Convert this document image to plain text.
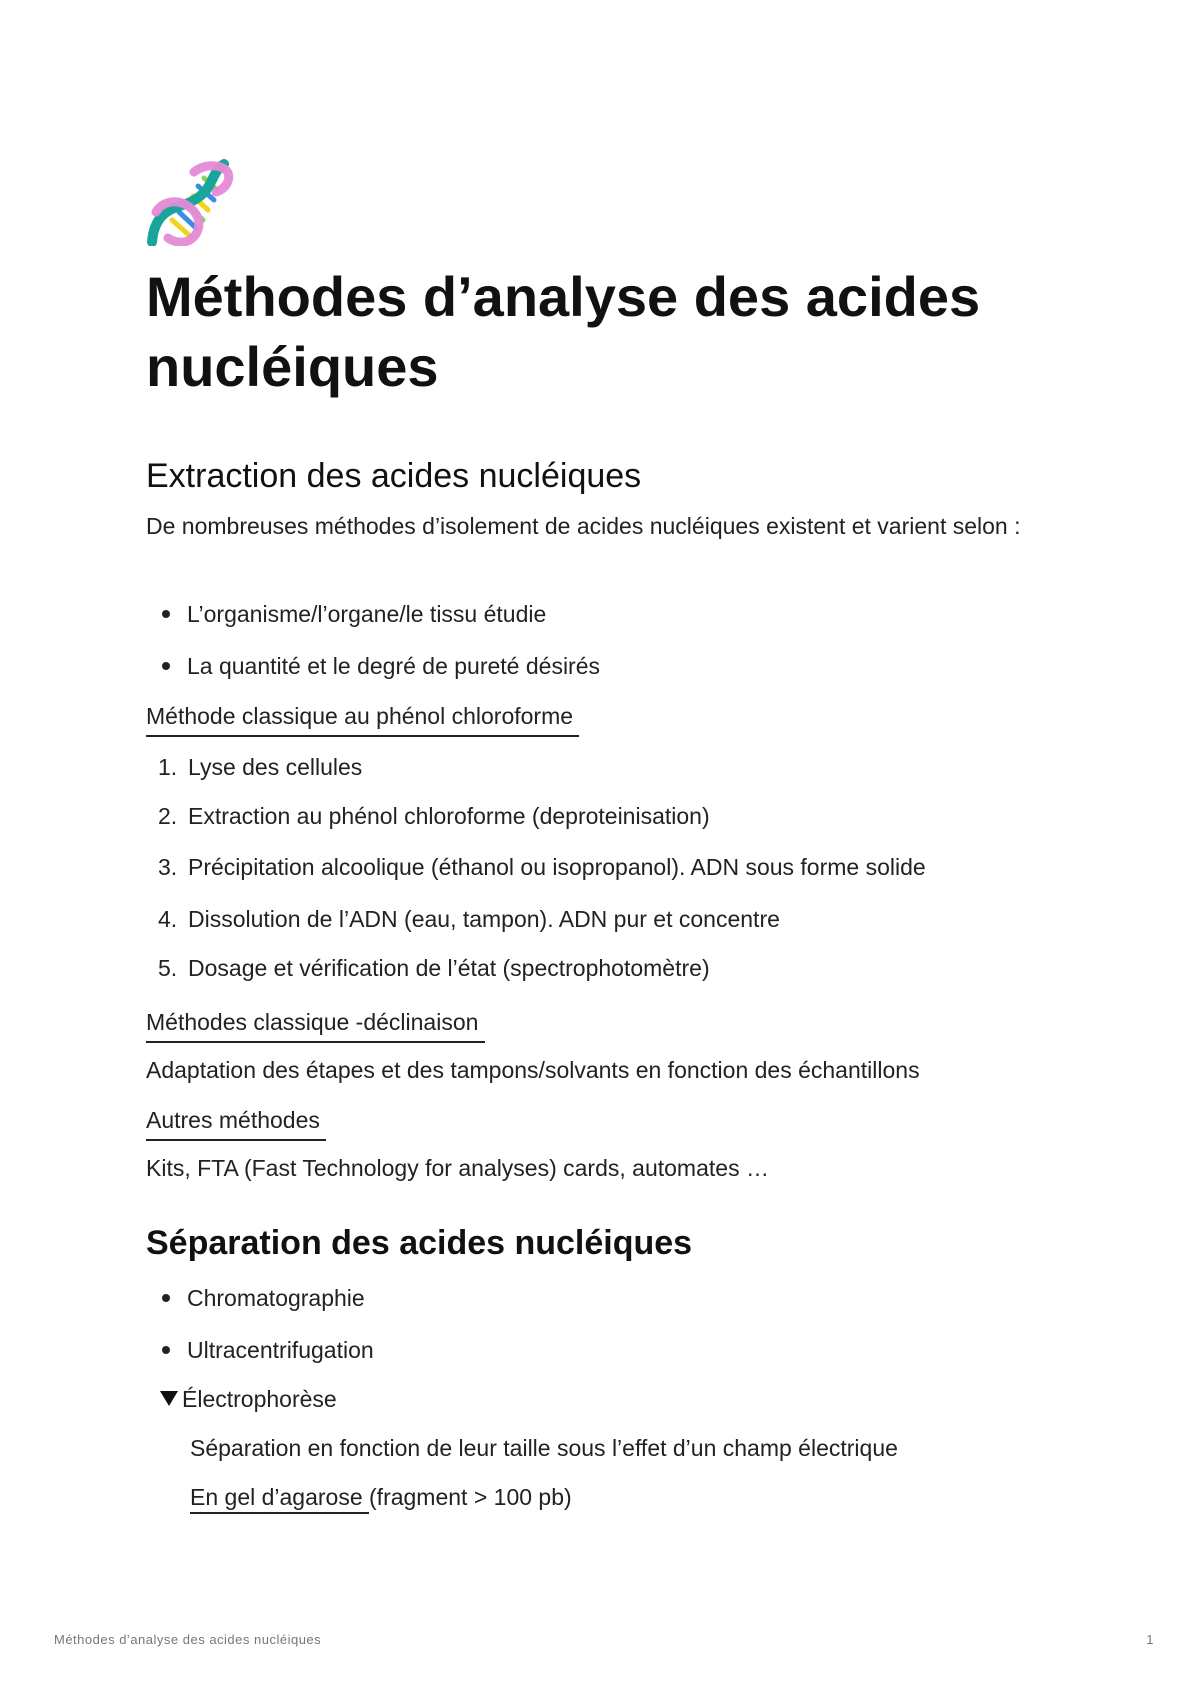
Méthodes d’analyse des acides nucléiques
Extraction des acides nucléiques

De nombreuses méthodes d’isolement de acides nucléiques existent et varient selon :

L’organisme/l’organe/le tissu étudie
La quantité et le degré de pureté désirés

Méthode classique au phénol chloroforme

1. Lyse des cellules
2. Extraction au phénol chloroforme (deproteinisation)
3. Précipitation alcoolique (éthanol ou isopropanol). ADN sous forme solide
4. Dissolution de l’ADN (eau, tampon). ADN pur et concentre
5. Dosage et vérification de l’état (spectrophotomètre)

Méthodes classique -déclinaison

Adaptation des étapes et des tampons/solvants en fonction des échantillons

Autres méthodes

Kits, FTA (Fast Technology for analyses) cards, automates …

Séparation des acides nucléiques
Chromatographie
Ultracentrifugation
Électrophorèse
Séparation en fonction de leur taille sous l’effet d’un champ électrique
En gel d’agarose (fragment > 100 pb)
Méthodes d’analyse des acides nucléiques	1
